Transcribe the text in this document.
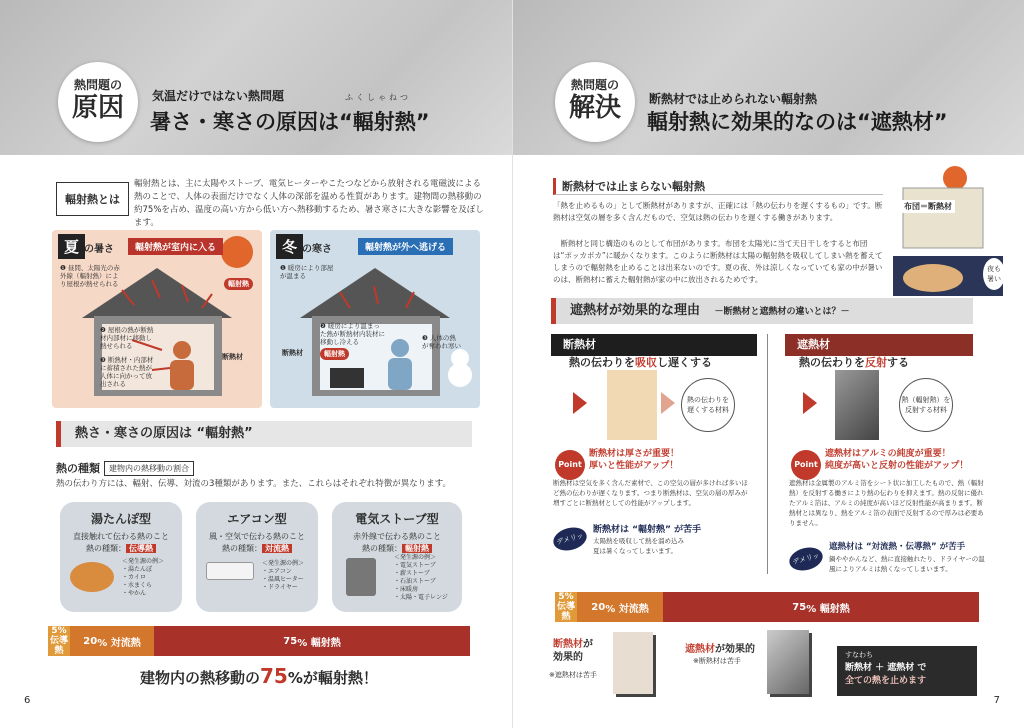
熱問題の
原因	気温だけではない熱問題	ふくしゃねつ
暑さ・寒さの原因は“輻射熱”
輻射熱とは
輻射熱とは、主に太陽やストーブ、電気ヒーターやこたつなどから放射される電磁波による熱のことで、人体の表面だけでなく人体の深部を温める性質があります。建物間の熱移動の約75%を占め、温度の高い方から低い方へ熱移動するため、暑さ寒さに大きな影響を及ぼします。
夏 の暑さ	輻射熱が室内に入る
❶ 昼間、太陽光の赤外線（輻射熱）により屋根が熱せられる
❷ 屋根の熱が断熱材内部材に移動し熱せられる
❸ 断熱材・内部材に蓄積された熱が人体に向かって放出される
輻射熱
断熱材
冬 の寒さ	輻射熱が外へ逃げる
❶ 暖房により部屋が温まる
❷ 暖房により温まった熱が断熱材内装材に移動し冷える	❸ 人体の熱が奪われ寒い
断熱材	輻射熱
熱さ・寒さの原因は “輻射熱”
熱の種類	建物内の熱移動の割合
熱の伝わり方には、輻射、伝導、対流の3種類があります。また、これらはそれぞれ特徴が異なります。
湯たんぽ型

直接触れて伝わる熱のこと
熱の種類： 伝導熱

＜発生源の例＞
・湯たんぽ
・カイロ
・水まくら
・やかん
エアコン型

風・空気で伝わる熱のこと
熱の種類： 対流熱

＜発生源の例＞
・エアコン
・温風ヒーター
・ドライヤー
電気ストーブ型

赤外線で伝わる熱のこと
熱の種類： 輻射熱

＜発生源の例＞
・電気ストーブ
・薪ストーブ
・石油ストーブ
・床暖房
・太陽・電子レンジ
5%
伝導熱
20 % 対流熱	75 % 輻射熱
建物内の熱移動の75%が輻射熱！
6
熱問題の
解決	断熱材では止められない輻射熱
輻射熱に効果的なのは“遮熱材”
断熱材では止まらない輻射熱
「熱を止めるもの」として断熱材がありますが、正確には「熱の伝わりを遅くするもの」です。断熱材は空気の層を多く含んだもので、空気は熱の伝わりを遅くする働きがあります。
断熱材と同じ構造のものとして布団があります。布団を太陽光に当て天日干しをすると布団は“ポッカポカ”に暖かくなります。このように断熱材は太陽の輻射熱を吸収してしまい熱を蓄えてしまうので輻射熱を止めることは出来ないのです。夏の夜、外は涼しくなっていても家の中が暑いのは、断熱材に蓄えた輻射熱が家の中に放出されるためです。
布団＝断熱材
夜も
暑い
遮熱材が効果的な理由 －断熱材と遮熱材の違いとは？－
断熱材
熱の伝わりを吸収し遅くする
熱の伝わりを
遅くする材料
Point
断熱材は厚さが重要！
厚いと性能がアップ！
断熱材は空気を多く含んだ素材で、この空気の層が多ければ多いほど熱の伝わりが遅くなります。つまり断熱材は、空気の層の厚みが増すごとに断熱材としての性能がアップします。
デメリット
断熱材は “輻射熱” が苦手
太陽熱を吸収して熱を溜め込み
夏は暑くなってしまいます。
遮熱材
熱の伝わりを反射する
熱（輻射熱）を
反射する材料
Point
遮熱材はアルミの純度が重要！
純度が高いと反射の性能がアップ！
遮熱材は金属製のアルミ箔をシート状に加工したもので、熱（輻射熱）を反射する働きにより熱の伝わりを抑えます。熱の反射に優れたアルミ箔は、アルミの純度が高いほど反射性能が高まります。断熱材とは異なり、熱をアルミ箔の表面で反射するので厚みは必要ありません。
デメリット
遮熱材は “対流熱・伝導熱” が苦手
鍋ややかんなど、熱に直接触れたり、ドライヤーの温風によりアルミは熱くなってしまいます。
5%
伝導熱
20 % 対流熱	75 % 輻射熱
断熱材が
効果的
※遮熱材は苦手
遮熱材が効果的
※断熱材は苦手
すなわち
断熱材 ＋ 遮熱材 で
全ての熱を止めます
7
